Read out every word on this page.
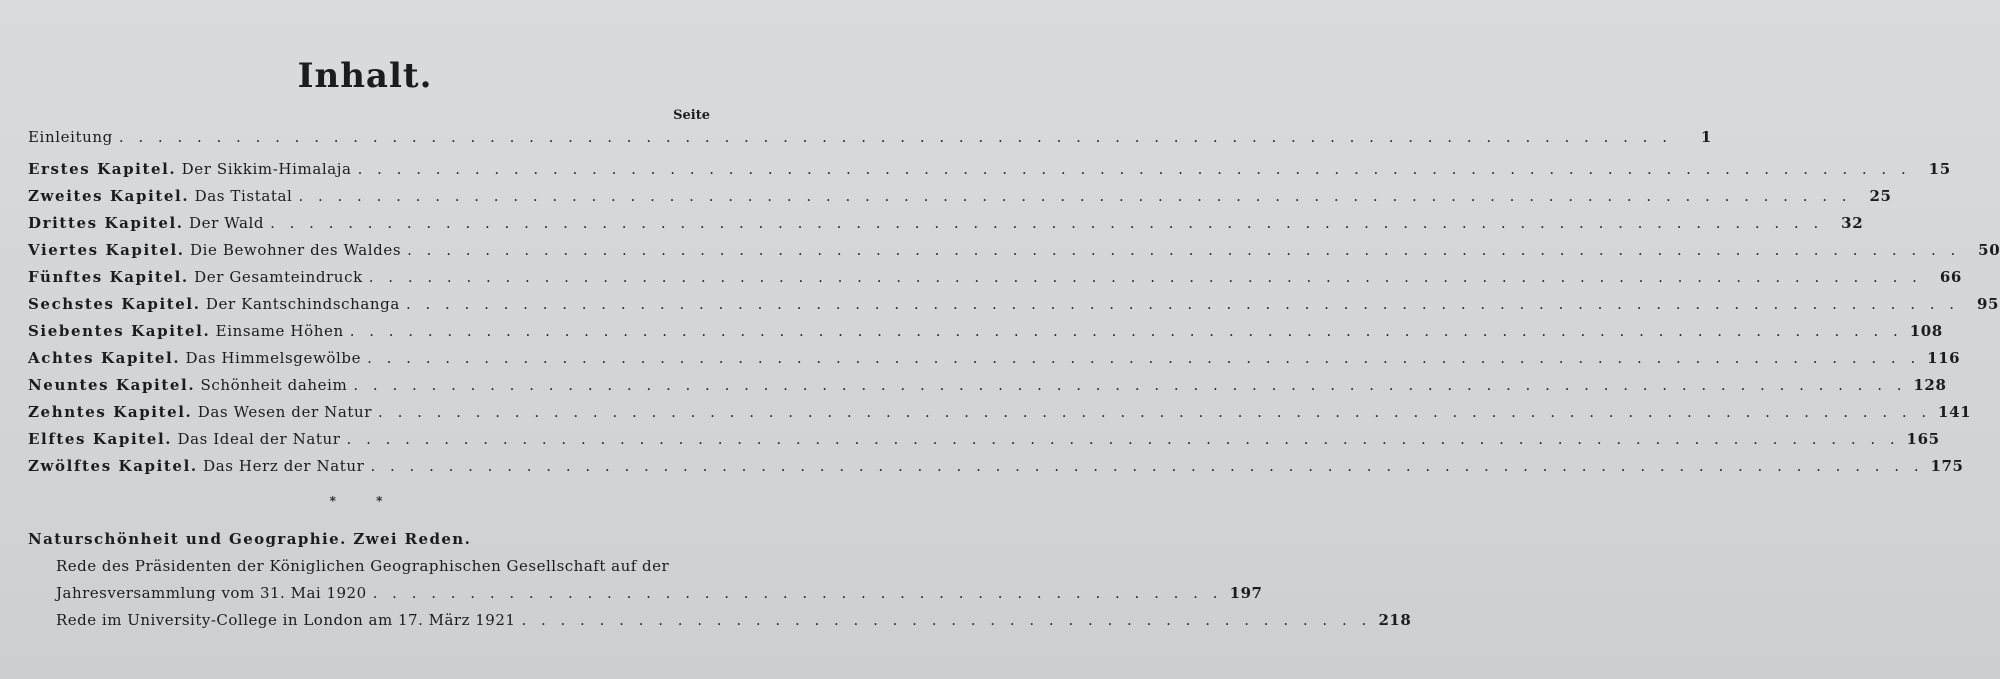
Inhalt.
Seite
Einleitung . . . . . . . . . . . . . . . . . . . . . . . . . . . . . . . . . . . . . . . . . . . . . . . . . . . . . . . . . . . . . . . . . . . . . . . . . . . . . . . .	1
Erstes Kapitel. Der Sikkim-Himalaja . . . . . . . . . . . . . . . . . . . . . . . . . . . . . . . . . . . . . . . . . . . . . . . . . . . . . . . . . . . . . . . . . . . . . . . . . . . . . . . .	15
Zweites Kapitel. Das Tistatal . . . . . . . . . . . . . . . . . . . . . . . . . . . . . . . . . . . . . . . . . . . . . . . . . . . . . . . . . . . . . . . . . . . . . . . . . . . . . . . .	25
Drittes Kapitel. Der Wald . . . . . . . . . . . . . . . . . . . . . . . . . . . . . . . . . . . . . . . . . . . . . . . . . . . . . . . . . . . . . . . . . . . . . . . . . . . . . . . .	32
Viertes Kapitel. Die Bewohner des Waldes . . . . . . . . . . . . . . . . . . . . . . . . . . . . . . . . . . . . . . . . . . . . . . . . . . . . . . . . . . . . . . . . . . . . . . . . . . . . . . . .	50
Fünftes Kapitel. Der Gesamteindruck . . . . . . . . . . . . . . . . . . . . . . . . . . . . . . . . . . . . . . . . . . . . . . . . . . . . . . . . . . . . . . . . . . . . . . . . . . . . . . . .	66
Sechstes Kapitel. Der Kantschindschanga . . . . . . . . . . . . . . . . . . . . . . . . . . . . . . . . . . . . . . . . . . . . . . . . . . . . . . . . . . . . . . . . . . . . . . . . . . . . . . . .	95
Siebentes Kapitel. Einsame Höhen . . . . . . . . . . . . . . . . . . . . . . . . . . . . . . . . . . . . . . . . . . . . . . . . . . . . . . . . . . . . . . . . . . . . . . . . . . . . . . . . 108
Achtes Kapitel. Das Himmelsgewölbe . . . . . . . . . . . . . . . . . . . . . . . . . . . . . . . . . . . . . . . . . . . . . . . . . . . . . . . . . . . . . . . . . . . . . . . . . . . . . . . . 116
Neuntes Kapitel. Schönheit daheim . . . . . . . . . . . . . . . . . . . . . . . . . . . . . . . . . . . . . . . . . . . . . . . . . . . . . . . . . . . . . . . . . . . . . . . . . . . . . . . . 128
Zehntes Kapitel. Das Wesen der Natur . . . . . . . . . . . . . . . . . . . . . . . . . . . . . . . . . . . . . . . . . . . . . . . . . . . . . . . . . . . . . . . . . . . . . . . . . . . . . . . . 141
Elftes Kapitel. Das Ideal der Natur . . . . . . . . . . . . . . . . . . . . . . . . . . . . . . . . . . . . . . . . . . . . . . . . . . . . . . . . . . . . . . . . . . . . . . . . . . . . . . . . 165
Zwölftes Kapitel. Das Herz der Natur . . . . . . . . . . . . . . . . . . . . . . . . . . . . . . . . . . . . . . . . . . . . . . . . . . . . . . . . . . . . . . . . . . . . . . . . . . . . . . . . 175
* *
Naturschönheit und Geographie. Zwei Reden.
Rede des Präsidenten der Königlichen Geographischen Gesellschaft auf der
Jahresversammlung vom 31. Mai 1920 . . . . . . . . . . . . . . . . . . . . . . . . . . . . . . . . . . . . . . . . . . . . 197
Rede im University-College in London am 17. März 1921 . . . . . . . . . . . . . . . . . . . . . . . . . . . . . . . . . . . . . . . . . . . . 218
